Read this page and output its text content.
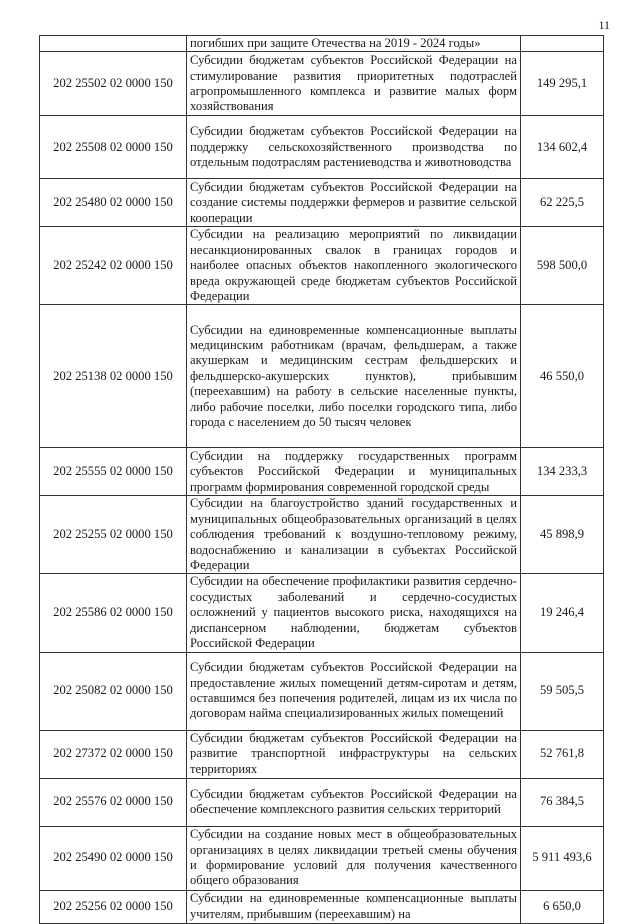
11
	погибших при защите Отечества на 2019 - 2024 годы»	
202 25502 02 0000 150	Субсидии бюджетам субъектов Российской Федерации на стимулирование развития приоритетных подотраслей агропромышленного комплекса и развитие малых форм хозяйствования	149 295,1
202 25508 02 0000 150	Субсидии бюджетам субъектов Российской Федерации на поддержку сельскохозяйственного производства по отдельным подотраслям растениеводства и животноводства	134 602,4
202 25480 02 0000 150	Субсидии бюджетам субъектов Российской Федерации на создание системы поддержки фермеров и развитие сельской кооперации	62 225,5
202 25242 02 0000 150	Субсидии на реализацию мероприятий по ликвидации несанкционированных свалок в границах городов и наиболее опасных объектов накопленного экологического вреда окружающей среде бюджетам субъектов Российской Федерации	598 500,0
202 25138 02 0000 150	Субсидии на единовременные компенсационные выплаты медицинским работникам (врачам, фельдшерам, а также акушеркам и медицинским сестрам фельдшерских и фельдшерско-акушерских пунктов), прибывшим (переехавшим) на работу в сельские населенные пункты, либо рабочие поселки, либо поселки городского типа, либо города с населением до 50 тысяч человек	46 550,0
202 25555 02 0000 150	Субсидии на поддержку государственных программ субъектов Российской Федерации и муниципальных программ формирования современной городской среды	134 233,3
202 25255 02 0000 150	Субсидии на благоустройство зданий государственных и муниципальных общеобразовательных организаций в целях соблюдения требований к воздушно-тепловому режиму, водоснабжению и канализации в субъектах Российской Федерации	45 898,9
202 25586 02 0000 150	Субсидии на обеспечение профилактики развития сердечно-сосудистых заболеваний и сердечно-сосудистых осложнений у пациентов высокого риска, находящихся на диспансерном наблюдении, бюджетам субъектов Российской Федерации	19 246,4
202 25082 02 0000 150	Субсидии бюджетам субъектов Российской Федерации на предоставление жилых помещений детям-сиротам и детям, оставшимся без попечения родителей, лицам из их числа по договорам найма специализированных жилых помещений	59 505,5
202 27372 02 0000 150	Субсидии бюджетам субъектов Российской Федерации на развитие транспортной инфраструктуры на сельских территориях	52 761,8
202 25576 02 0000 150	Субсидии бюджетам субъектов Российской Федерации на обеспечение комплексного развития сельских территорий	76 384,5
202 25490 02 0000 150	Субсидии на создание новых мест в общеобразовательных организациях в целях ликвидации третьей смены обучения и формирование условий для получения качественного общего образования	5 911 493,6
202 25256 02 0000 150	Субсидии на единовременные компенсационные выплаты учителям, прибывшим (переехавшим) на	6 650,0
